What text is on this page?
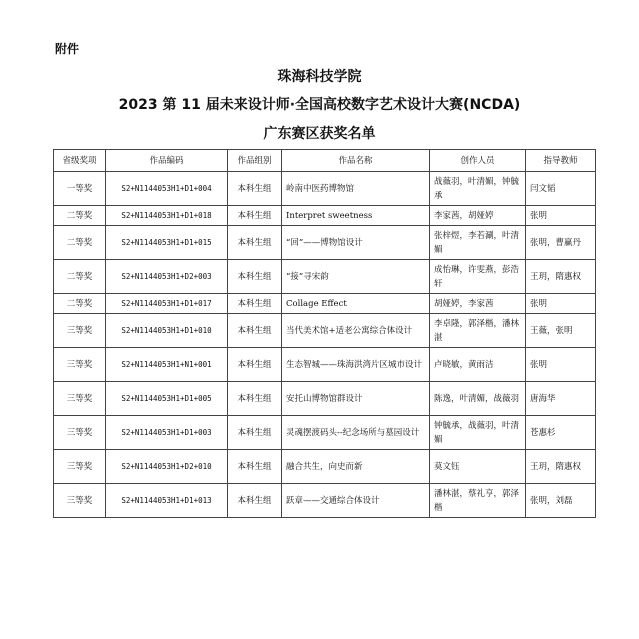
附件
珠海科技学院
2023 第 11 届未来设计师·全国高校数字艺术设计大赛(NCDA)
广东赛区获奖名单
省级奖项	作品编码	作品组别	作品名称	创作人员	指导教师
一等奖	S2+N1144053H1+D1+004	本科生组	岭南中医药博物馆	战薇羽，叶清媚，钟毓承	闫文韬
二等奖	S2+N1144053H1+D1+018	本科生组	Interpret sweetness	李家茜，胡娅婷	张明
二等奖	S2+N1144053H1+D1+015	本科生组	“回”——博物馆设计	张梓煜，李若涮，叶清媚	张明，曹赢丹
二等奖	S2+N1144053H1+D2+003	本科生组	“接”寻宋韵	成怡琳，许雯燕，彭浩轩	王玥，隋惠权
二等奖	S2+N1144053H1+D1+017	本科生组	Collage Effect	胡娅婷，李家茜	张明
三等奖	S2+N1144053H1+D1+010	本科生组	当代美术馆+适老公寓综合体设计	李卓隆，郭泽楷，潘林湛	王薇，张明
三等奖	S2+N1144053H1+N1+001	本科生组	生态智城——珠海洪湾片区城市设计	卢晓敏，黄雨洁	张明
三等奖	S2+N1144053H1+D1+005	本科生组	安托山博物馆群设计	陈逸，叶清媚，战薇羽	唐海华
三等奖	S2+N1144053H1+D1+003	本科生组	灵魂摆渡码头--纪念场所与墓园设计	钟毓承，战薇羽，叶清媚	苍惠杉
三等奖	S2+N1144053H1+D2+010	本科生组	融合共生，向史而新	莫文钰	王玥，隋惠权
三等奖	S2+N1144053H1+D1+013	本科生组	跃章——交通综合体设计	潘林湛，蔡礼亨，郭泽楷	张明，刘磊
